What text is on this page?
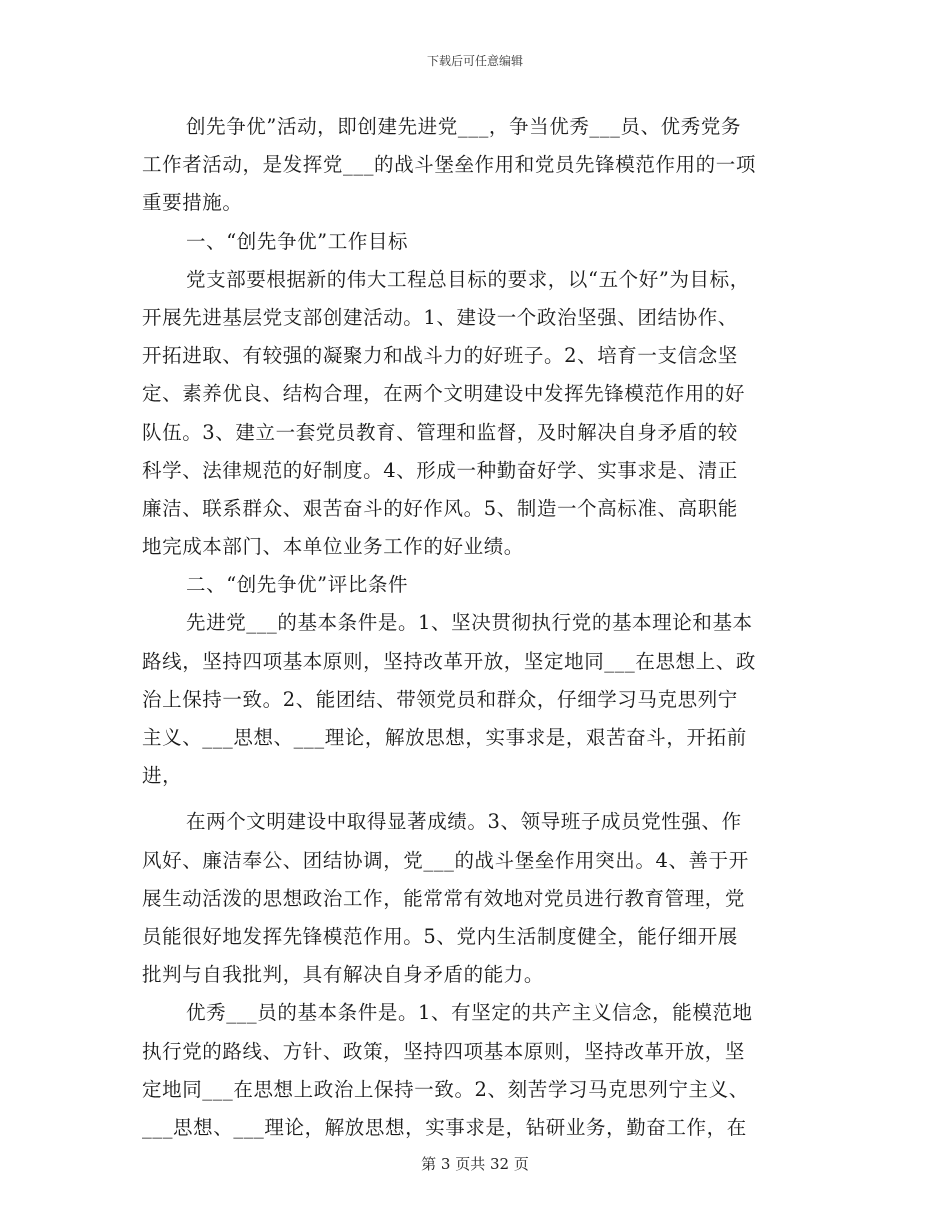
下载后可任意编辑
创先争优”活动，即创建先进党___，争当优秀___员、优秀党务
工作者活动，是发挥党___的战斗堡垒作用和党员先锋模范作用的一项
重要措施。
一、“创先争优”工作目标
党支部要根据新的伟大工程总目标的要求，以“五个好”为目标，
开展先进基层党支部创建活动。1、建设一个政治坚强、团结协作、
开拓进取、有较强的凝聚力和战斗力的好班子。2、培育一支信念坚
定、素养优良、结构合理，在两个文明建设中发挥先锋模范作用的好
队伍。3、建立一套党员教育、管理和监督，及时解决自身矛盾的较
科学、法律规范的好制度。4、形成一种勤奋好学、实事求是、清正
廉洁、联系群众、艰苦奋斗的好作风。5、制造一个高标准、高职能
地完成本部门、本单位业务工作的好业绩。
二、“创先争优”评比条件
先进党___的基本条件是。1、坚决贯彻执行党的基本理论和基本
路线，坚持四项基本原则，坚持改革开放，坚定地同___在思想上、政
治上保持一致。2、能团结、带领党员和群众，仔细学习马克思列宁
主义、___思想、___理论，解放思想，实事求是，艰苦奋斗，开拓前
进，
在两个文明建设中取得显著成绩。3、领导班子成员党性强、作
风好、廉洁奉公、团结协调，党___的战斗堡垒作用突出。4、善于开
展生动活泼的思想政治工作，能常常有效地对党员进行教育管理，党
员能很好地发挥先锋模范作用。5、党内生活制度健全，能仔细开展
批判与自我批判，具有解决自身矛盾的能力。
优秀___员的基本条件是。1、有坚定的共产主义信念，能模范地
执行党的路线、方针、政策，坚持四项基本原则，坚持改革开放，坚
定地同___在思想上政治上保持一致。2、刻苦学习马克思列宁主义、
___思想、___理论，解放思想，实事求是，钻研业务，勤奋工作，在
第 3 页共 32 页
